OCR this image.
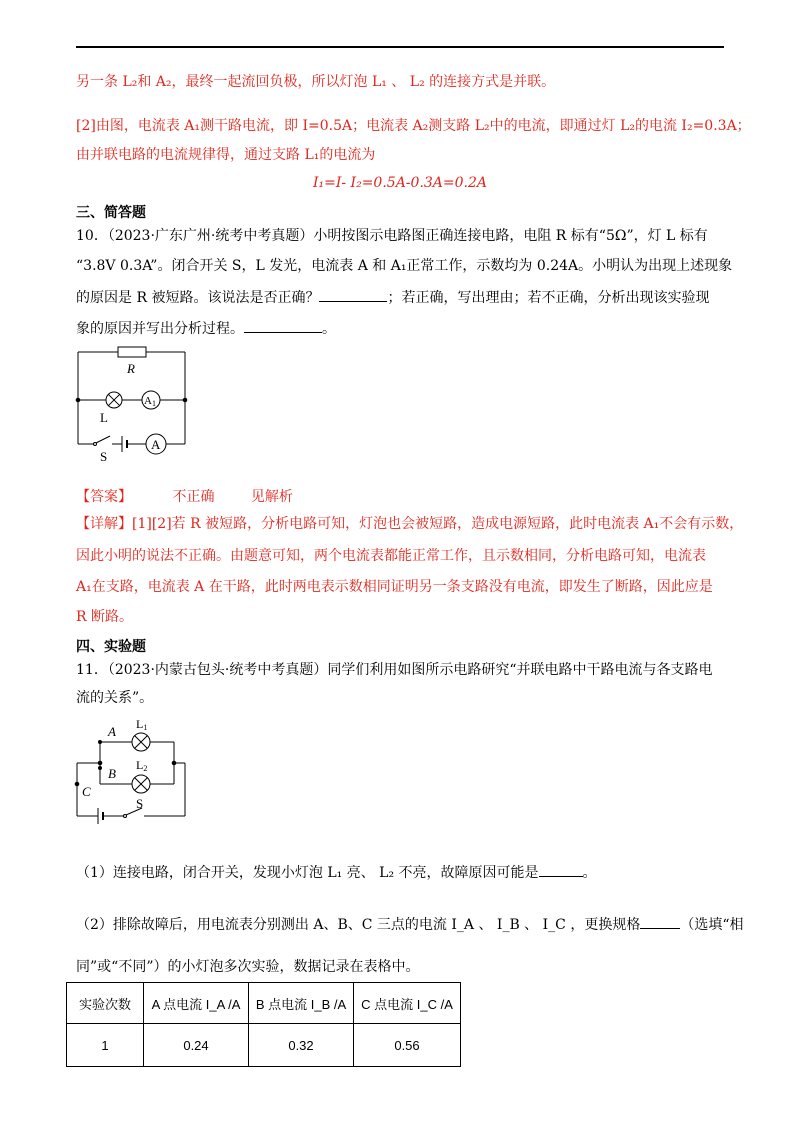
另一条 L₂和 A₂，最终一起流回负极，所以灯泡 L₁ 、 L₂ 的连接方式是并联。
[2]由图，电流表 A₁测干路电流，即 I=0.5A；电流表 A₂测支路 L₂中的电流，即通过灯 L₂的电流 I₂=0.3A；
由并联电路的电流规律得，通过支路 L₁的电流为
I₁=I- I₂=0.5A-0.3A=0.2A
三、简答题
10．（2023·广东广州·统考中考真题）小明按图示电路图正确连接电路，电阻 R 标有“5Ω”，灯 L 标有
“3.8V 0.3A”。闭合开关 S，L 发光，电流表 A 和 A₁正常工作，示数均为 0.24A。小明认为出现上述现象
的原因是 R 被短路。该说法是否正确？	；若正确，写出理由；若不正确，分析出现该实验现
象的原因并写出分析过程。	。
R
L
A1
S
A
【答案】	不正确	见解析
【详解】[1][2]若 R 被短路，分析电路可知，灯泡也会被短路，造成电源短路，此时电流表 A₁不会有示数，
因此小明的说法不正确。由题意可知，两个电流表都能正常工作，且示数相同，分析电路可知，电流表
A₁在支路，电流表 A 在干路，此时两电表示数相同证明另一条支路没有电流，即发生了断路，因此应是
R 断路。
四、实验题
11．（2023·内蒙古包头·统考中考真题）同学们利用如图所示电路研究“并联电路中干路电流与各支路电
流的关系”。
A
B
C
L1
L2
S
（1）连接电路，闭合开关，发现小灯泡 L₁ 亮、 L₂ 不亮，故障原因可能是	。
（2）排除故障后，用电流表分别测出 A、B、C 三点的电流 I_A 、 I_B 、 I_C ，更换规格	（选填“相
同”或“不同”）的小灯泡多次实验，数据记录在表格中。
实验次数	A 点电流 I_A /A	B 点电流 I_B /A	C 点电流 I_C /A
1	0.24	0.32	0.56
